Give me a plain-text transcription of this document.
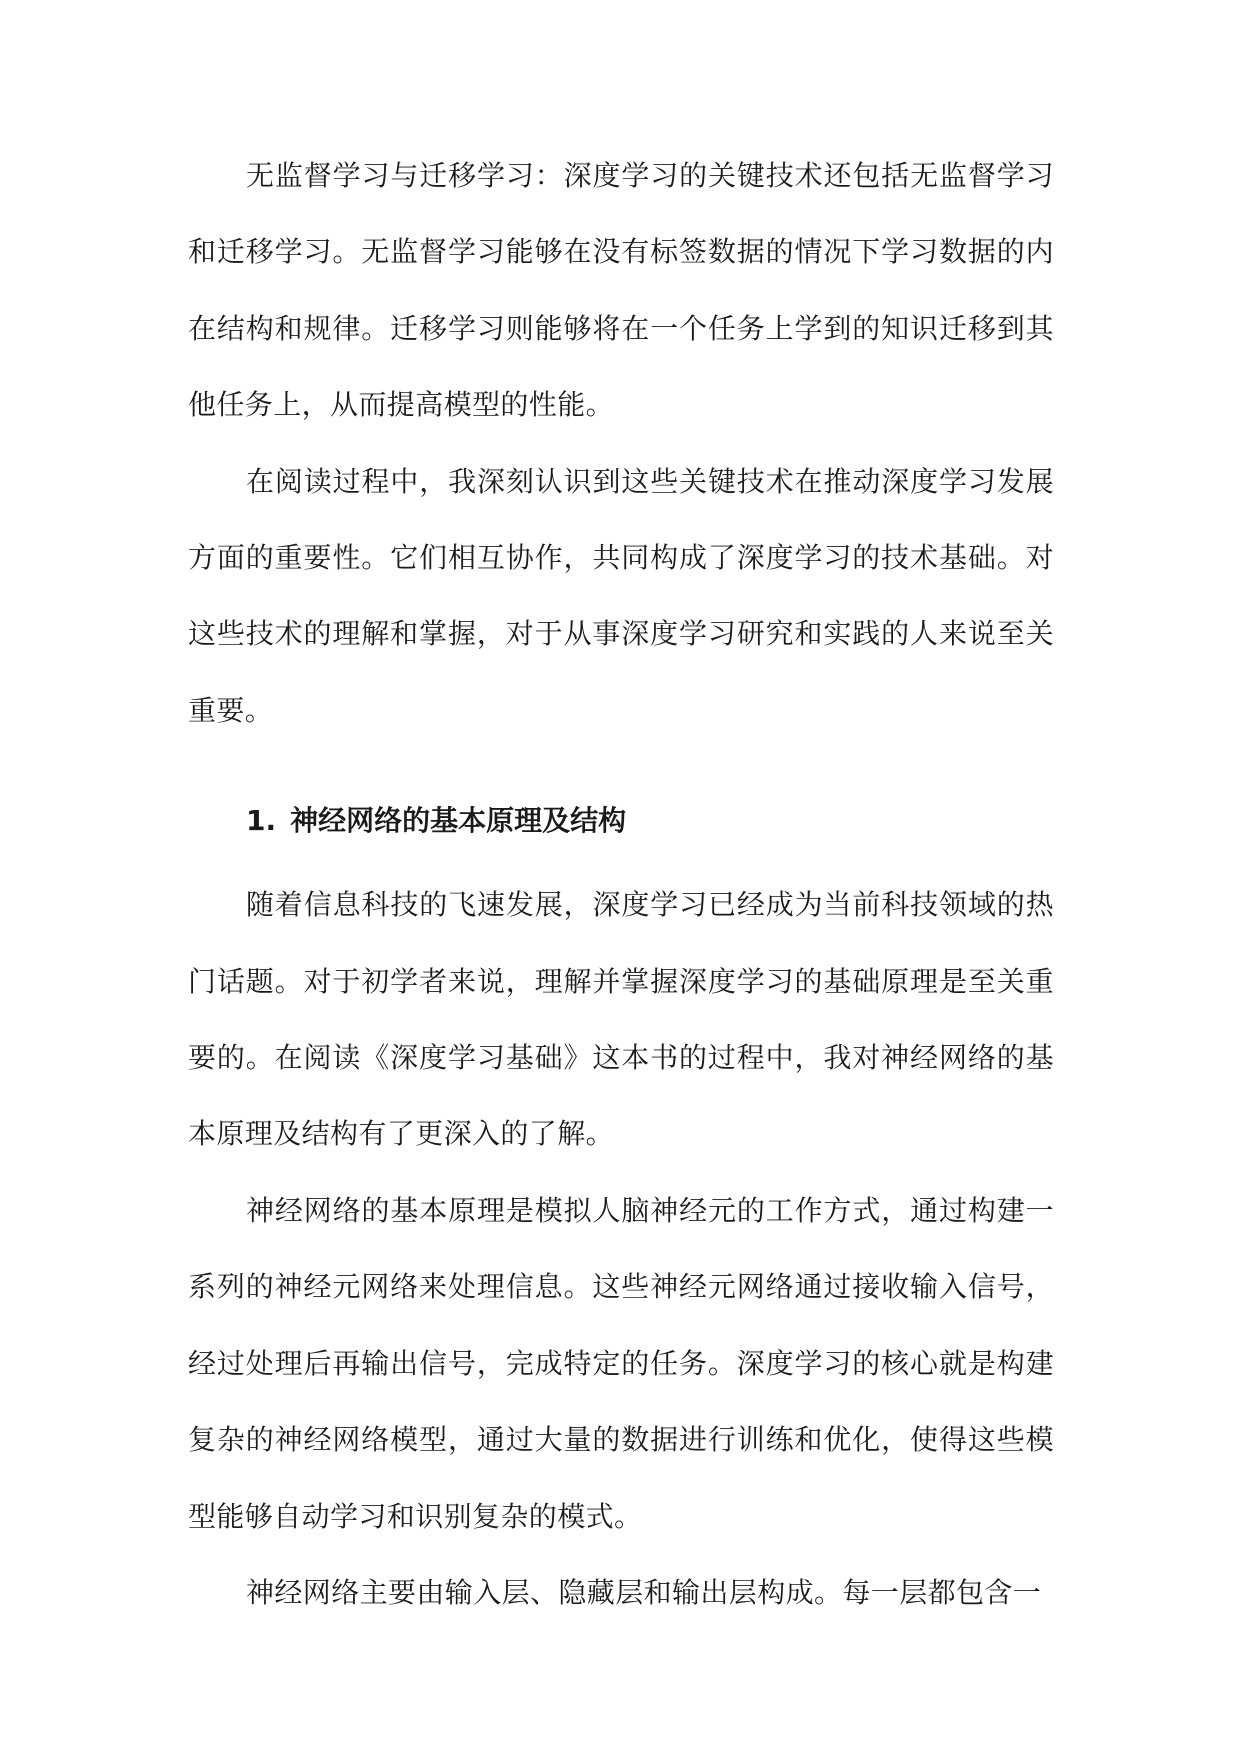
无监督学习与迁移学习：深度学习的关键技术还包括无监督学习和迁移学习。无监督学习能够在没有标签数据的情况下学习数据的内在结构和规律。迁移学习则能够将在一个任务上学到的知识迁移到其他任务上，从而提高模型的性能。

在阅读过程中，我深刻认识到这些关键技术在推动深度学习发展方面的重要性。它们相互协作，共同构成了深度学习的技术基础。对这些技术的理解和掌握，对于从事深度学习研究和实践的人来说至关重要。

1. 神经网络的基本原理及结构

随着信息科技的飞速发展，深度学习已经成为当前科技领域的热门话题。对于初学者来说，理解并掌握深度学习的基础原理是至关重要的。在阅读《深度学习基础》这本书的过程中，我对神经网络的基本原理及结构有了更深入的了解。

神经网络的基本原理是模拟人脑神经元的工作方式，通过构建一系列的神经元网络来处理信息。这些神经元网络通过接收输入信号，经过处理后再输出信号，完成特定的任务。深度学习的核心就是构建复杂的神经网络模型，通过大量的数据进行训练和优化，使得这些模型能够自动学习和识别复杂的模式。

神经网络主要由输入层、隐藏层和输出层构成。每一层都包含一
